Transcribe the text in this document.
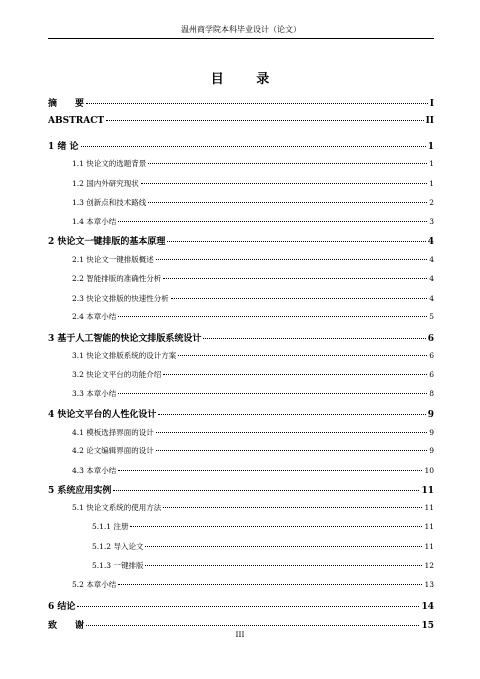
温州商学院本科毕业设计（论文）
目 录
摘　　要	I
ABSTRACT	II
1 绪 论	1
1.1 快论文的选题背景	1
1.2 国内外研究现状	1
1.3 创新点和技术路线	2
1.4 本章小结	3
2 快论文一键排版的基本原理	4
2.1 快论文一键排版概述	4
2.2 智能排版的准确性分析	4
2.3 快论文排版的快速性分析	4
2.4 本章小结	5
3 基于人工智能的快论文排版系统设计	6
3.1 快论文排版系统的设计方案	6
3.2 快论文平台的功能介绍	6
3.3 本章小结	8
4 快论文平台的人性化设计	9
4.1 模板选择界面的设计	9
4.2 论文编辑界面的设计	9
4.3 本章小结	10
5 系统应用实例	11
5.1 快论文系统的使用方法	11
5.1.1 注册	11
5.1.2 导入论文	11
5.1.3 一键排版	12
5.2 本章小结	13
6 结论	14
致　　谢	15
III
